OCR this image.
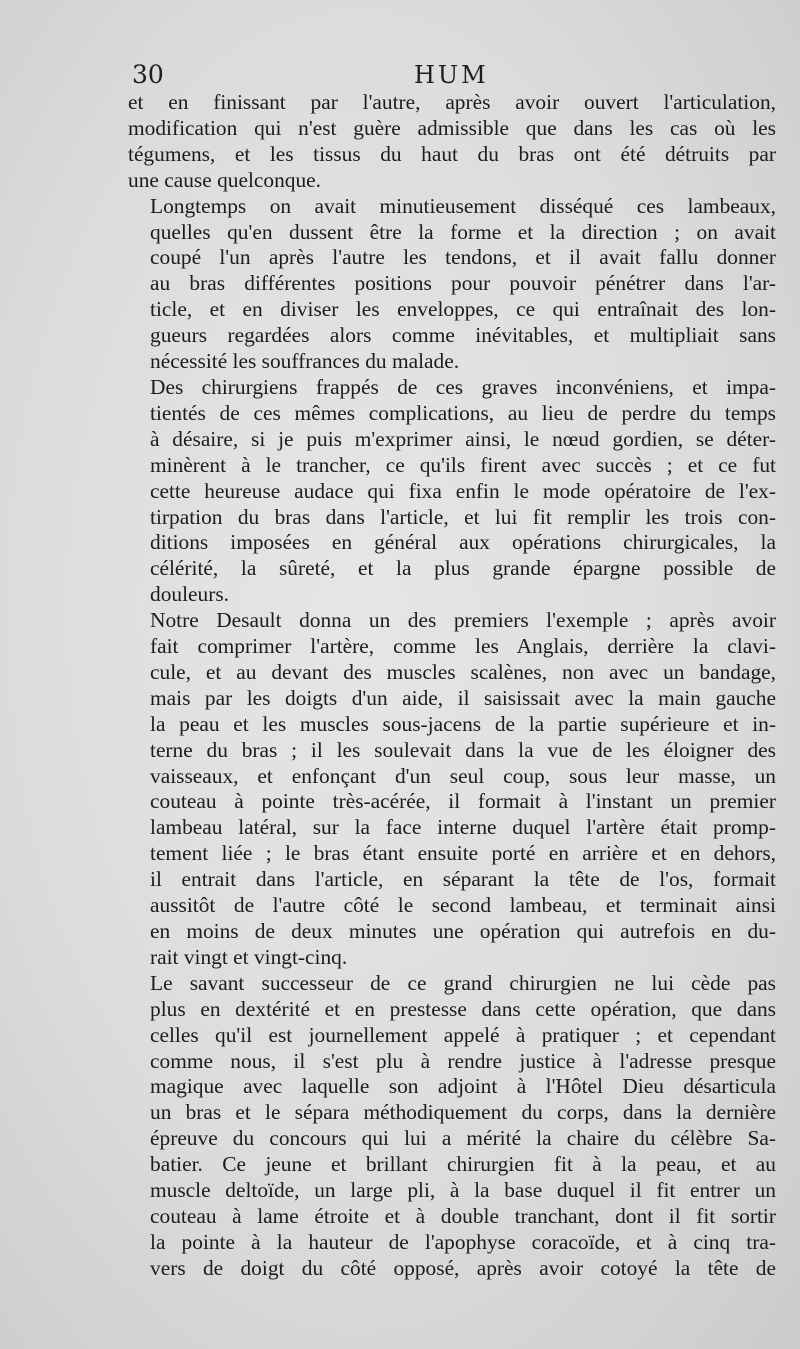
30	HUM

et en finissant par l'autre, après avoir ouvert l'articulation,
modification qui n'est guère admissible que dans les cas où les
tégumens, et les tissus du haut du bras ont été détruits par
une cause quelconque.

Longtemps on avait minutieusement disséqué ces lambeaux,
quelles qu'en dussent être la forme et la direction ; on avait
coupé l'un après l'autre les tendons, et il avait fallu donner
au bras différentes positions pour pouvoir pénétrer dans l'ar-
ticle, et en diviser les enveloppes, ce qui entraînait des lon-
gueurs regardées alors comme inévitables, et multipliait sans
nécessité les souffrances du malade.

Des chirurgiens frappés de ces graves inconvéniens, et impa-
tientés de ces mêmes complications, au lieu de perdre du temps
à désaire, si je puis m'exprimer ainsi, le nœud gordien, se déter-
minèrent à le trancher, ce qu'ils firent avec succès ; et ce fut
cette heureuse audace qui fixa enfin le mode opératoire de l'ex-
tirpation du bras dans l'article, et lui fit remplir les trois con-
ditions imposées en général aux opérations chirurgicales, la
célérité, la sûreté, et la plus grande épargne possible de
douleurs.

Notre Desault donna un des premiers l'exemple ; après avoir
fait comprimer l'artère, comme les Anglais, derrière la clavi-
cule, et au devant des muscles scalènes, non avec un bandage,
mais par les doigts d'un aide, il saisissait avec la main gauche
la peau et les muscles sous-jacens de la partie supérieure et in-
terne du bras ; il les soulevait dans la vue de les éloigner des
vaisseaux, et enfonçant d'un seul coup, sous leur masse, un
couteau à pointe très-acérée, il formait à l'instant un premier
lambeau latéral, sur la face interne duquel l'artère était promp-
tement liée ; le bras étant ensuite porté en arrière et en dehors,
il entrait dans l'article, en séparant la tête de l'os, formait
aussitôt de l'autre côté le second lambeau, et terminait ainsi
en moins de deux minutes une opération qui autrefois en du-
rait vingt et vingt-cinq.

Le savant successeur de ce grand chirurgien ne lui cède pas
plus en dextérité et en prestesse dans cette opération, que dans
celles qu'il est journellement appelé à pratiquer ; et cependant
comme nous, il s'est plu à rendre justice à l'adresse presque
magique avec laquelle son adjoint à l'Hôtel Dieu désarticula
un bras et le sépara méthodiquement du corps, dans la dernière
épreuve du concours qui lui a mérité la chaire du célèbre Sa-
batier. Ce jeune et brillant chirurgien fit à la peau, et au
muscle deltoïde, un large pli, à la base duquel il fit entrer un
couteau à lame étroite et à double tranchant, dont il fit sortir
la pointe à la hauteur de l'apophyse coracoïde, et à cinq tra-
vers de doigt du côté opposé, après avoir cotoyé la tête de
